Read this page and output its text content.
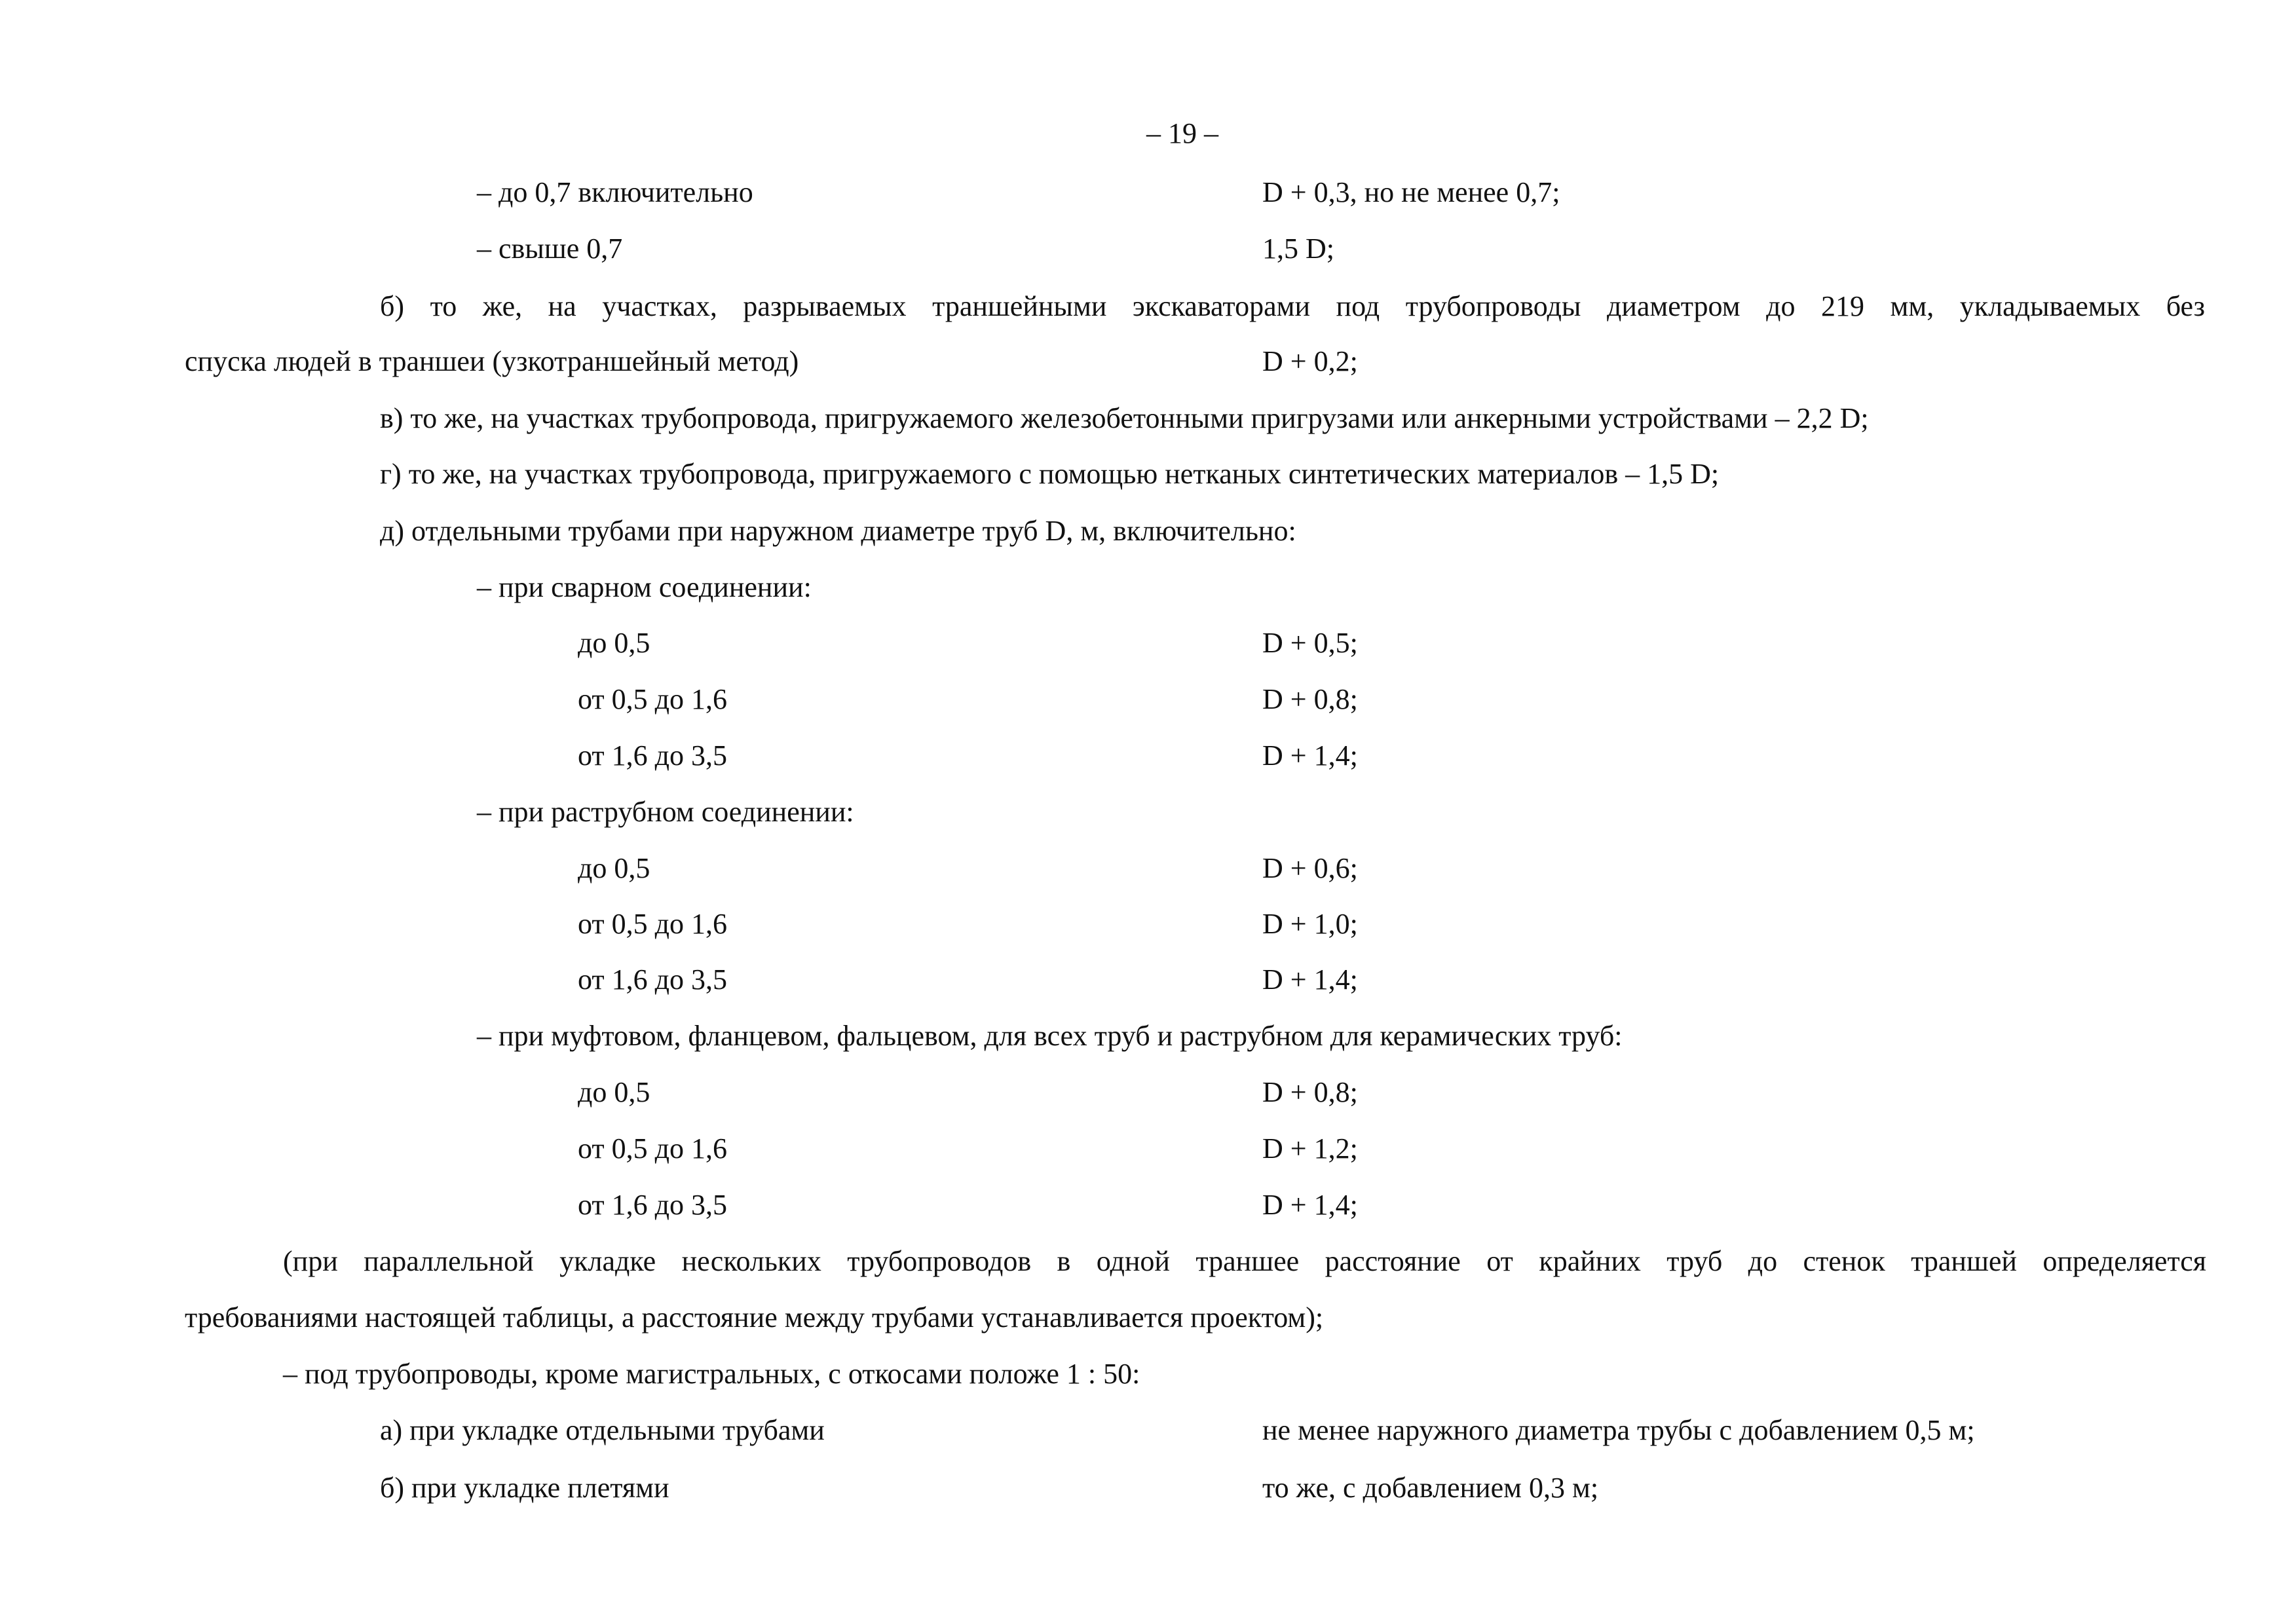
– 19 –
– до 0,7 включительно	D + 0,3, но не менее 0,7;
– свыше 0,7	1,5 D;
б) то же, на участках, разрываемых траншейными экскаваторами под трубопроводы диаметром до 219 мм, укладываемых без
спуска людей в траншеи (узкотраншейный метод)	D + 0,2;
в) то же, на участках трубопровода, пригружаемого железобетонными пригрузами или анкерными устройствами – 2,2 D;
г) то же, на участках трубопровода, пригружаемого с помощью нетканых синтетических материалов – 1,5 D;
д) отдельными трубами при наружном диаметре труб D, м, включительно:
– при сварном соединении:
до 0,5	D + 0,5;
от 0,5 до 1,6	D + 0,8;
от 1,6 до 3,5	D + 1,4;
– при раструбном соединении:
до 0,5	D + 0,6;
от 0,5 до 1,6	D + 1,0;
от 1,6 до 3,5	D + 1,4;
– при муфтовом, фланцевом, фальцевом, для всех труб и раструбном для керамических труб:
до 0,5	D + 0,8;
от 0,5 до 1,6	D + 1,2;
от 1,6 до 3,5	D + 1,4;
(при параллельной укладке нескольких трубопроводов в одной траншее расстояние от крайних труб до стенок траншей определяется
требованиями настоящей таблицы, а расстояние между трубами устанавливается проектом);
– под трубопроводы, кроме магистральных, с откосами положе 1 : 50:
а) при укладке отдельными трубами	не менее наружного диаметра трубы с добавлением 0,5 м;
б) при укладке плетями	то же, с добавлением 0,3 м;
